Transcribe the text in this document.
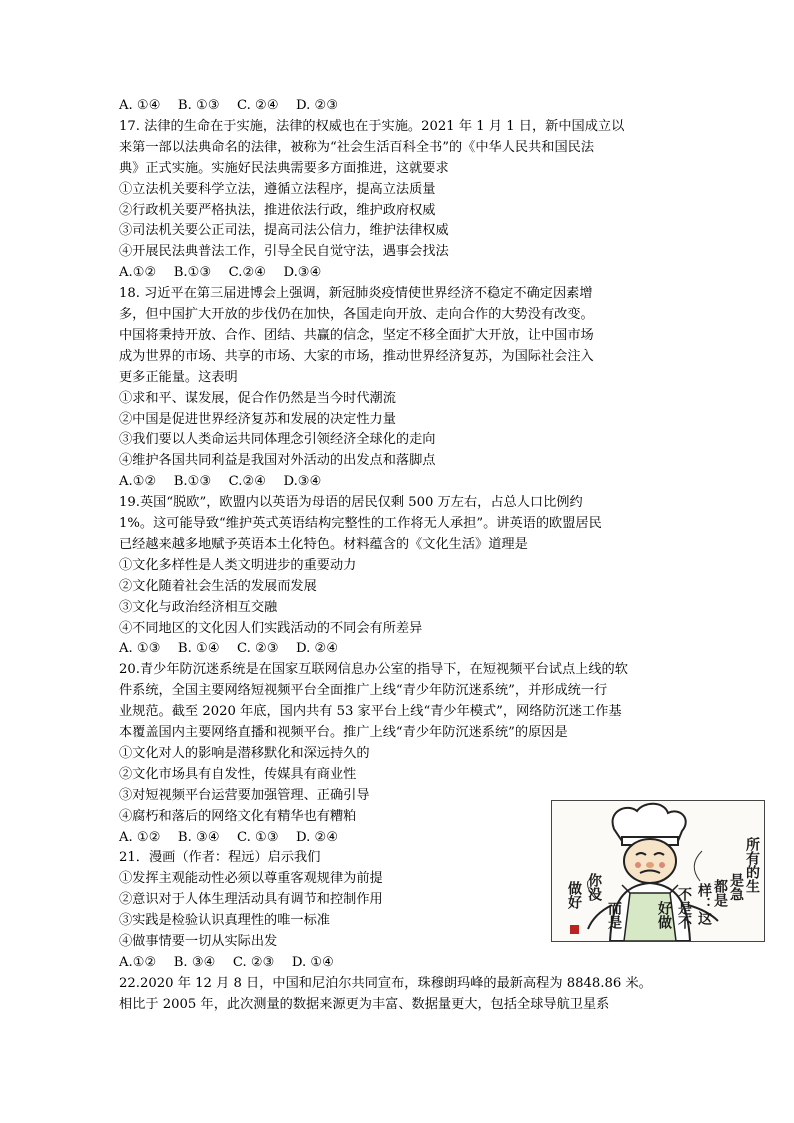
A. ①④　 B. ①③　 C. ②④　 D. ②③
17. 法律的生命在于实施，法律的权威也在于实施。2021 年 1 月 1 日，新中国成立以
来第一部以法典命名的法律，被称为“社会生活百科全书”的《中华人民共和国民法
典》正式实施。实施好民法典需要多方面推进，这就要求
①立法机关要科学立法，遵循立法程序，提高立法质量
②行政机关要严格执法，推进依法行政，维护政府权威
③司法机关要公正司法，提高司法公信力，维护法律权威
④开展民法典普法工作，引导全民自觉守法，遇事会找法
A.①②　 B.①③　 C.②④　 D.③④
18. 习近平在第三届进博会上强调，新冠肺炎疫情使世界经济不稳定不确定因素增
多，但中国扩大开放的步伐仍在加快，各国走向开放、走向合作的大势没有改变。
中国将秉持开放、合作、团结、共赢的信念，坚定不移全面扩大开放，让中国市场
成为世界的市场、共享的市场、大家的市场，推动世界经济复苏，为国际社会注入
更多正能量。这表明
①求和平、谋发展，促合作仍然是当今时代潮流
②中国是促进世界经济复苏和发展的决定性力量
③我们要以人类命运共同体理念引领经济全球化的走向
④维护各国共同利益是我国对外活动的出发点和落脚点
A.①②　 B.①③　 C.②④　 D.③④
19.英国“脱欧”，欧盟内以英语为母语的居民仅剩 500 万左右，占总人口比例约
1%。这可能导致“维护英式英语结构完整性的工作将无人承担”。讲英语的欧盟居民
已经越来越多地赋予英语本土化特色。材料蕴含的《文化生活》道理是
①文化多样性是人类文明进步的重要动力
②文化随着社会生活的发展而发展
③文化与政治经济相互交融
④不同地区的文化因人们实践活动的不同会有所差异
A. ①③　 B. ①④　 C. ②③　 D. ②④
20.青少年防沉迷系统是在国家互联网信息办公室的指导下，在短视频平台试点上线的软
件系统，全国主要网络短视频平台全面推广上线“青少年防沉迷系统”，并形成统一行
业规范。截至 2020 年底，国内共有 53 家平台上线“青少年模式”，网络防沉迷工作基
本覆盖国内主要网络直播和视频平台。推广上线“青少年防沉迷系统”的原因是
①文化对人的影响是潜移默化和深远持久的
②文化市场具有自发性，传媒具有商业性
③对短视频平台运营要加强管理、正确引导
④腐朽和落后的网络文化有精华也有糟粕
A. ①②　 B. ③④　 C. ①③　 D. ②④
21．漫画（作者：程远）启示我们
①发挥主观能动性必须以尊重客观规律为前提
②意识对于人体生理活动具有调节和控制作用
③实践是检验认识真理性的唯一标准
④做事情要一切从实际出发
A.①②　 B. ③④　 C. ②③　 D. ①④
22.2020 年 12 月 8 日，中国和尼泊尔共同宣布，珠穆朗玛峰的最新高程为 8848.86 米。
相比于 2005 年，此次测量的数据来源更为丰富、数据量更大，包括全球导航卫星系
所有的生
是急
都是
样：这
不是不
好做
你没
做好
而是
